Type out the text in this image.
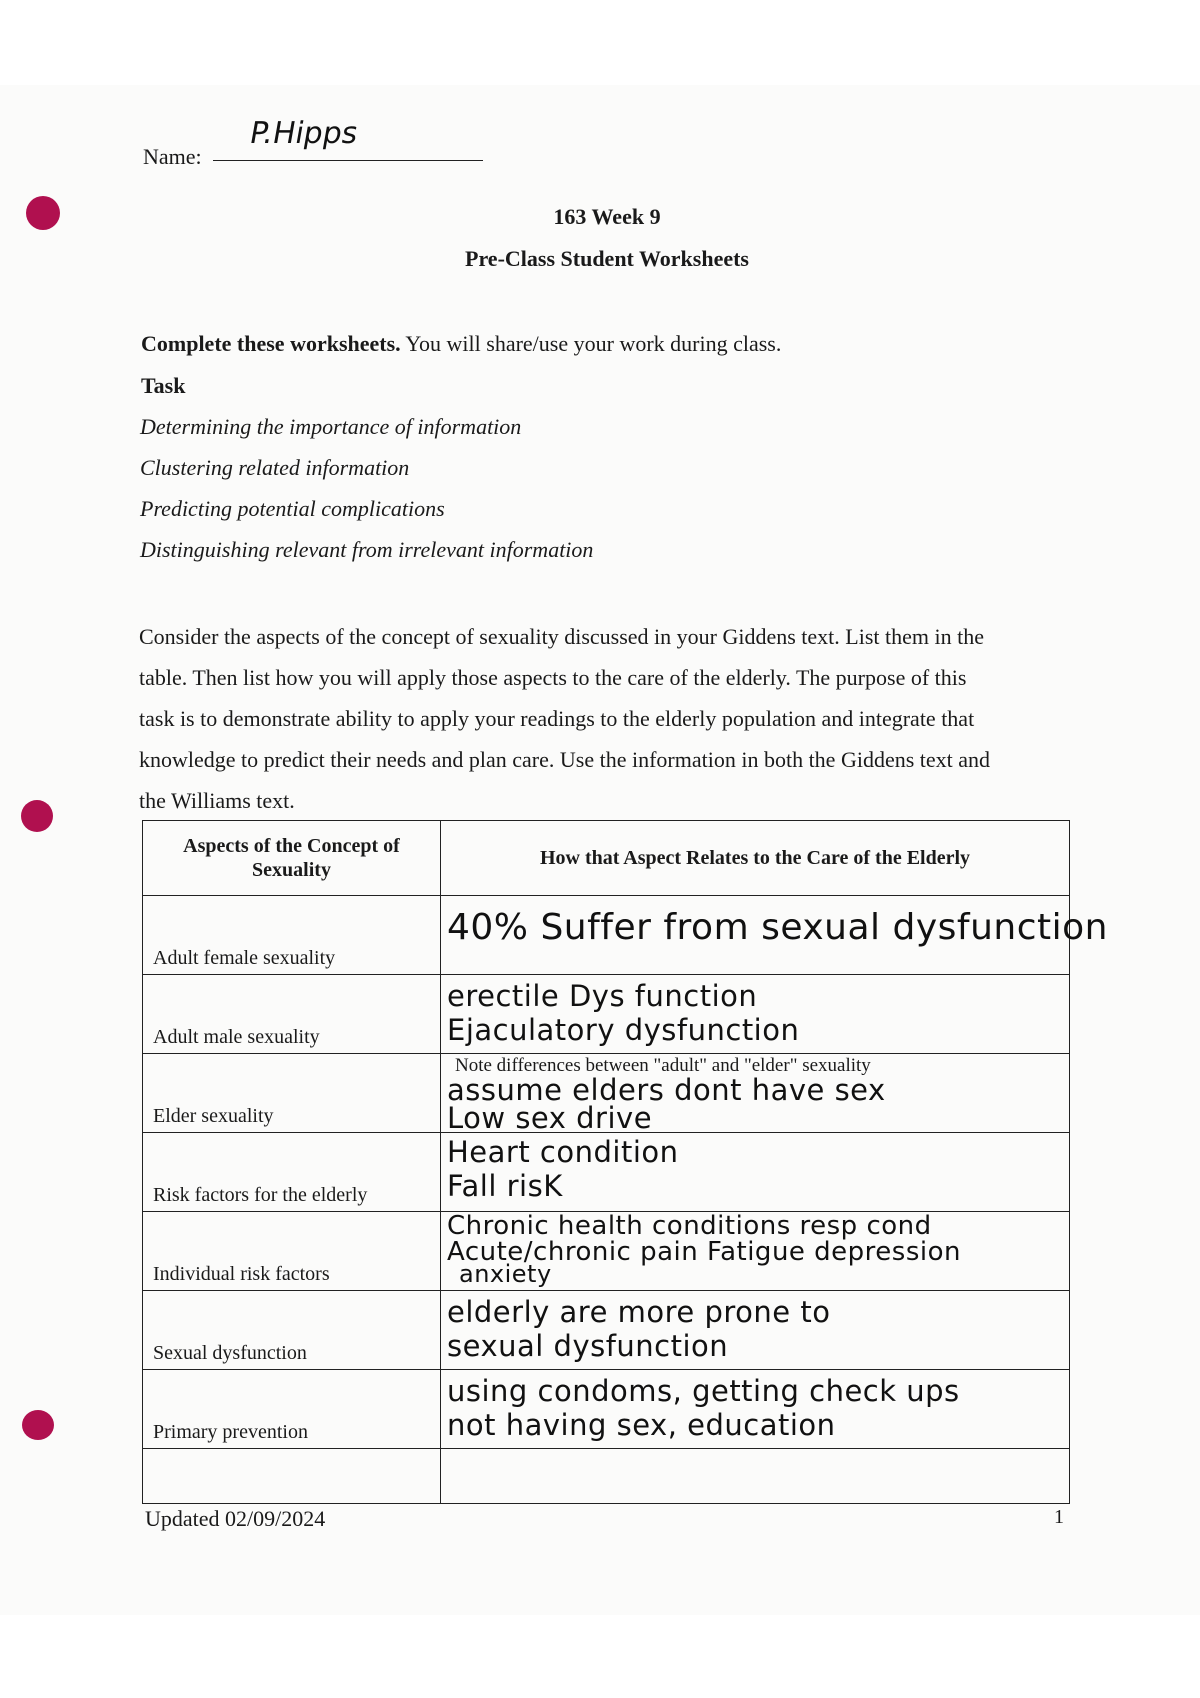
Name:
P.Hipps
163 Week 9
Pre-Class Student Worksheets
Complete these worksheets. You will share/use your work during class.
Task
Determining the importance of information
Clustering related information
Predicting potential complications
Distinguishing relevant from irrelevant information
Consider the aspects of the concept of sexuality discussed in your Giddens text. List them in the
table. Then list how you will apply those aspects to the care of the elderly. The purpose of this
task is to demonstrate ability to apply your readings to the elderly population and integrate that
knowledge to predict their needs and plan care. Use the information in both the Giddens text and
the Williams text.
Aspects of the Concept of Sexuality	How that Aspect Relates to the Care of the Elderly
Adult female sexuality	40% Suffer from sexual dysfunction

Adult male sexuality	erectile Dys function
Ejaculatory dysfunction

Elder sexuality	Note differences between "adult" and "elder" sexuality
assume elders dont have sex
Low sex drive

Risk factors for the elderly	Heart condition
Fall risK

Individual risk factors	Chronic health conditions resp cond
Acute/chronic pain Fatigue depression
anxiety

Sexual dysfunction	elderly are more prone to
sexual dysfunction

Primary prevention	using condoms, getting check ups
not having sex, education

Updated 02/09/2024	1
